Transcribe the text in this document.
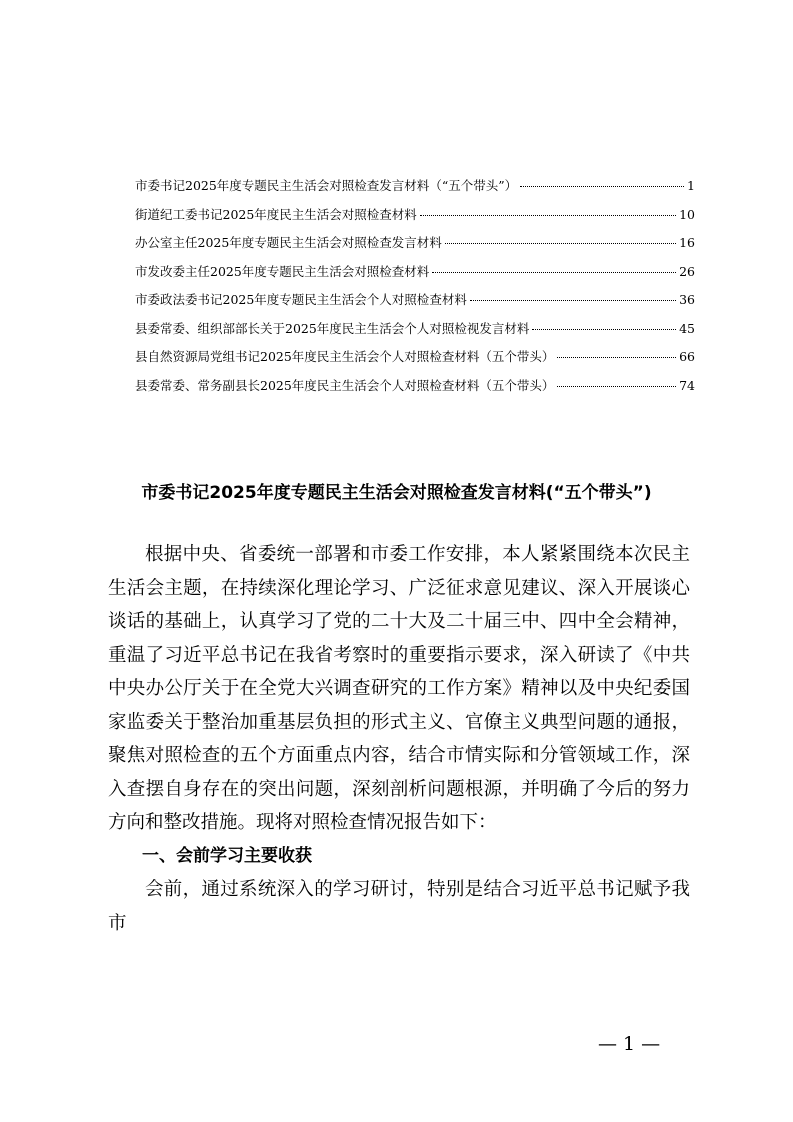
市委书记2025年度专题民主生活会对照检查发言材料（“五个带头”）	1
街道纪工委书记2025年度民主生活会对照检查材料	10
办公室主任2025年度专题民主生活会对照检查发言材料	16
市发改委主任2025年度专题民主生活会对照检查材料	26
市委政法委书记2025年度专题民主生活会个人对照检查材料	36
县委常委、组织部部长关于2025年度民主生活会个人对照检视发言材料	45
县自然资源局党组书记2025年度民主生活会个人对照检查材料（五个带头）	66
县委常委、常务副县长2025年度民主生活会个人对照检查材料（五个带头）	74
市委书记2025年度专题民主生活会对照检查发言材料(“五个带头”)

根据中央、省委统一部署和市委工作安排，本人紧紧围绕本次民主生活会主题，在持续深化理论学习、广泛征求意见建议、深入开展谈心谈话的基础上，认真学习了党的二十大及二十届三中、四中全会精神，重温了习近平总书记在我省考察时的重要指示要求，深入研读了《中共中央办公厅关于在全党大兴调查研究的工作方案》精神以及中央纪委国家监委关于整治加重基层负担的形式主义、官僚主义典型问题的通报，聚焦对照检查的五个方面重点内容，结合市情实际和分管领域工作，深入查摆自身存在的突出问题，深刻剖析问题根源，并明确了今后的努力方向和整改措施。现将对照检查情况报告如下：

一、会前学习主要收获

会前，通过系统深入的学习研讨，特别是结合习近平总书记赋予我市

— 1 —
